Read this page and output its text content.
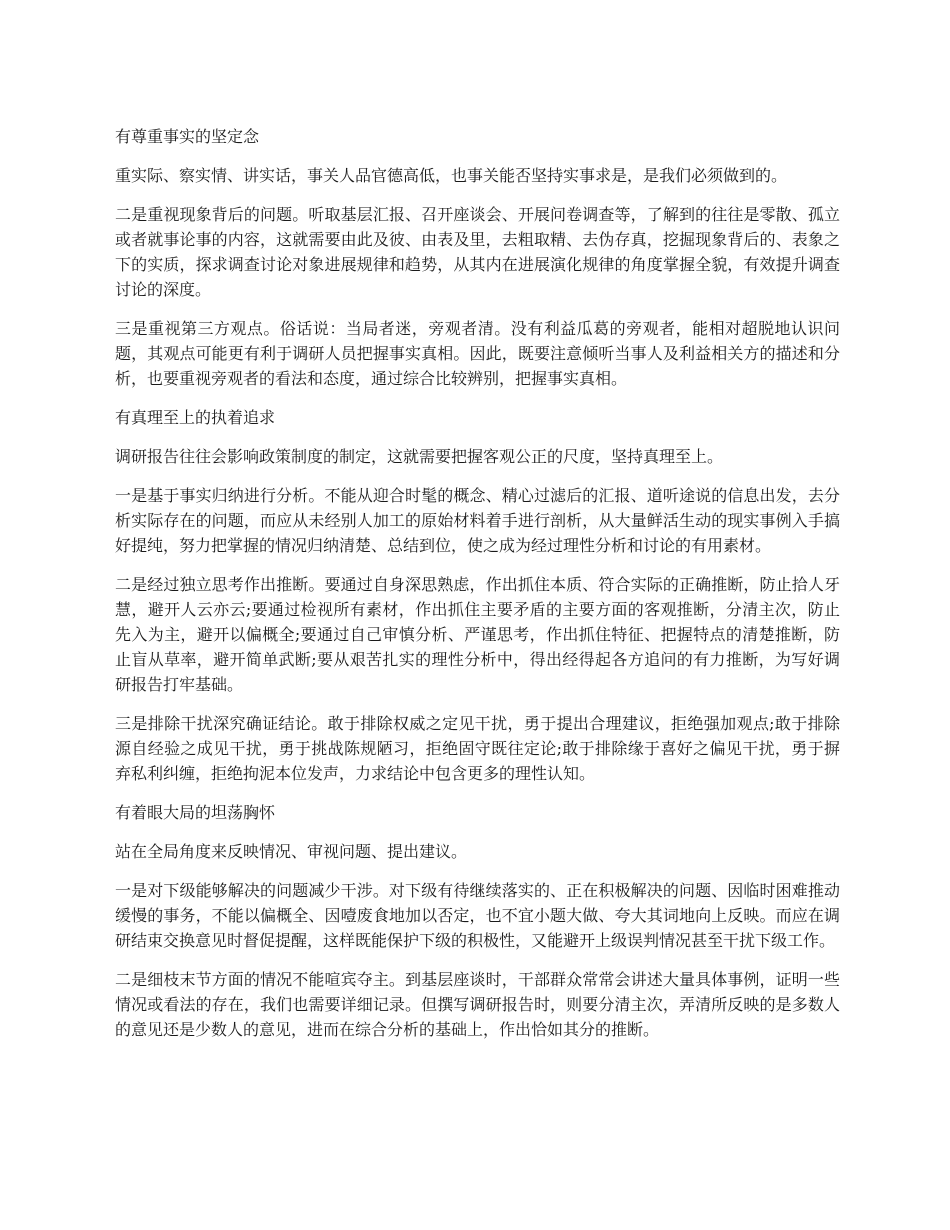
有尊重事实的坚定念

重实际、察实情、讲实话，事关人品官德高低，也事关能否坚持实事求是，是我们必须做到的。

二是重视现象背后的问题。听取基层汇报、召开座谈会、开展问卷调查等，了解到的往往是零散、孤立或者就事论事的内容，这就需要由此及彼、由表及里，去粗取精、去伪存真，挖掘现象背后的、表象之下的实质，探求调查讨论对象进展规律和趋势，从其内在进展演化规律的角度掌握全貌，有效提升调查讨论的深度。

三是重视第三方观点。俗话说：当局者迷，旁观者清。没有利益瓜葛的旁观者，能相对超脱地认识问题，其观点可能更有利于调研人员把握事实真相。因此，既要注意倾听当事人及利益相关方的描述和分析，也要重视旁观者的看法和态度，通过综合比较辨别，把握事实真相。

有真理至上的执着追求

调研报告往往会影响政策制度的制定，这就需要把握客观公正的尺度，坚持真理至上。

一是基于事实归纳进行分析。不能从迎合时髦的概念、精心过滤后的汇报、道听途说的信息出发，去分析实际存在的问题，而应从未经别人加工的原始材料着手进行剖析，从大量鲜活生动的现实事例入手搞好提纯，努力把掌握的情况归纳清楚、总结到位，使之成为经过理性分析和讨论的有用素材。

二是经过独立思考作出推断。要通过自身深思熟虑，作出抓住本质、符合实际的正确推断，防止拾人牙慧，避开人云亦云;要通过检视所有素材，作出抓住主要矛盾的主要方面的客观推断，分清主次，防止先入为主，避开以偏概全;要通过自己审慎分析、严谨思考，作出抓住特征、把握特点的清楚推断，防止盲从草率，避开简单武断;要从艰苦扎实的理性分析中，得出经得起各方追问的有力推断，为写好调研报告打牢基础。

三是排除干扰深究确证结论。敢于排除权威之定见干扰，勇于提出合理建议，拒绝强加观点;敢于排除源自经验之成见干扰，勇于挑战陈规陋习，拒绝固守既往定论;敢于排除缘于喜好之偏见干扰，勇于摒弃私利纠缠，拒绝拘泥本位发声，力求结论中包含更多的理性认知。

有着眼大局的坦荡胸怀

站在全局角度来反映情况、审视问题、提出建议。

一是对下级能够解决的问题减少干涉。对下级有待继续落实的、正在积极解决的问题、因临时困难推动缓慢的事务，不能以偏概全、因噎废食地加以否定，也不宜小题大做、夸大其词地向上反映。而应在调研结束交换意见时督促提醒，这样既能保护下级的积极性，又能避开上级误判情况甚至干扰下级工作。

二是细枝末节方面的情况不能喧宾夺主。到基层座谈时，干部群众常常会讲述大量具体事例，证明一些情况或看法的存在，我们也需要详细记录。但撰写调研报告时，则要分清主次，弄清所反映的是多数人的意见还是少数人的意见，进而在综合分析的基础上，作出恰如其分的推断。
